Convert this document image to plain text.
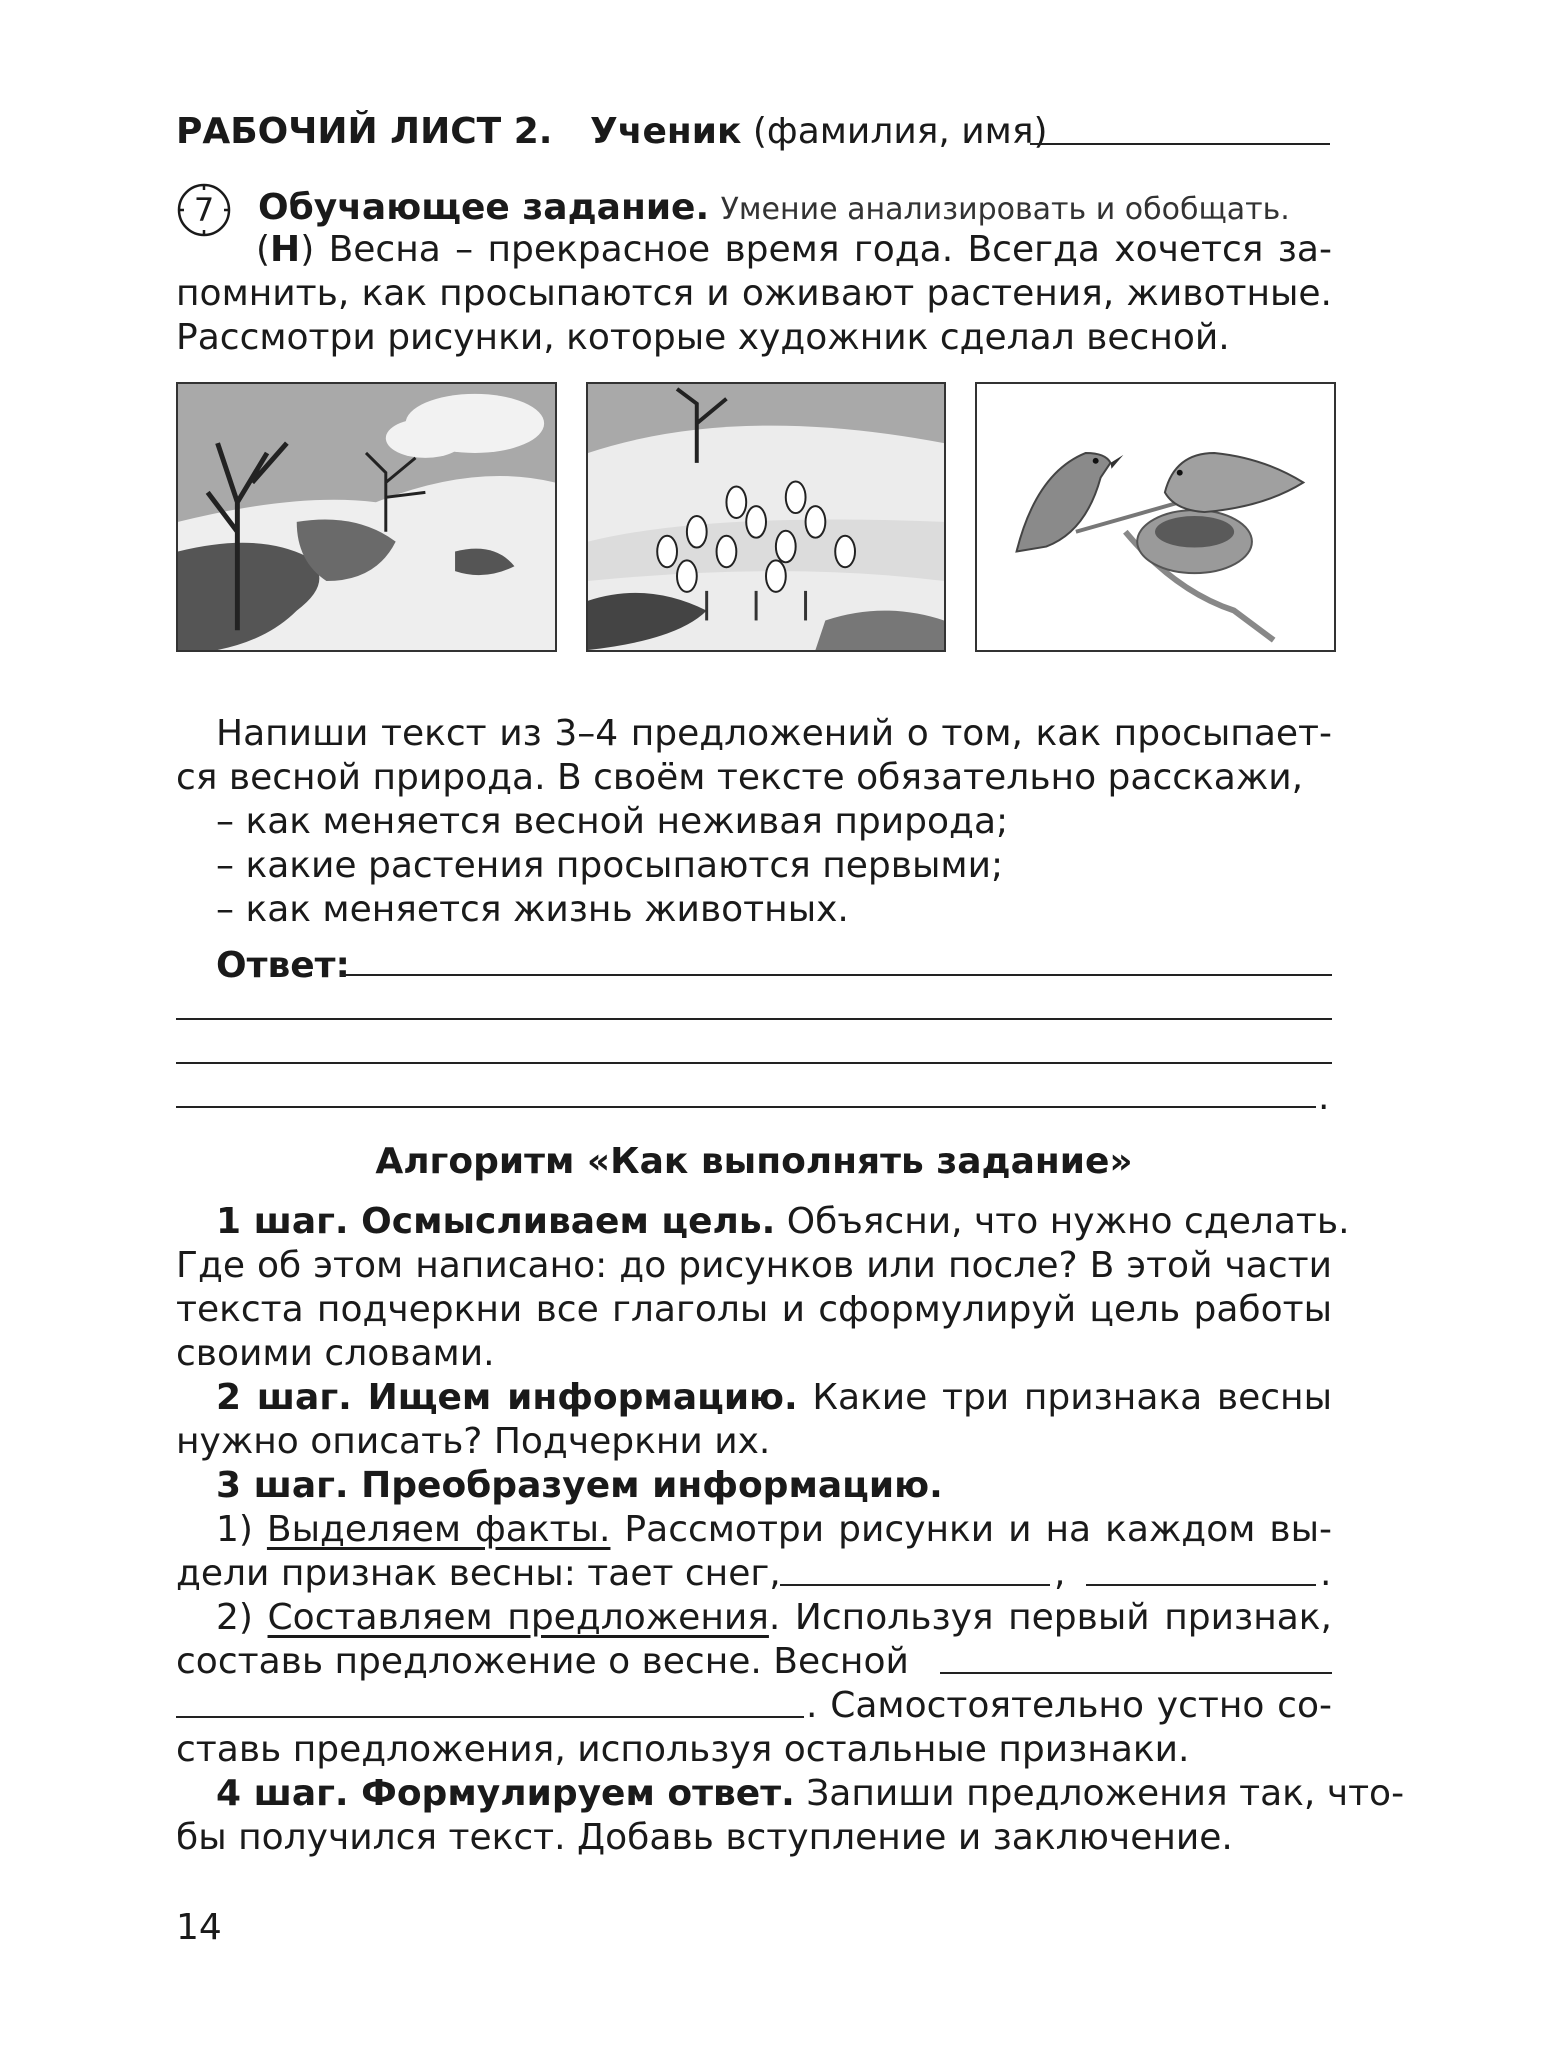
РАБОЧИЙ ЛИСТ 2. Ученик (фамилия, имя)
7	Обучающее задание. Умение анализировать и обобщать.
(Н) Весна – прекрасное время года. Всегда хочется за-
помнить, как просыпаются и оживают растения, животные.
Рассмотри рисунки, которые художник сделал весной.
Напиши текст из 3–4 предложений о том, как просыпает-
ся весной природа. В своём тексте обязательно расскажи,
– как меняется весной неживая природа;
– какие растения просыпаются первыми;
– как меняется жизнь животных.
Ответ:
.
Алгоритм «Как выполнять задание»
1 шаг. Осмысливаем цель. Объясни, что нужно сделать.
Где об этом написано: до рисунков или после? В этой части
текста подчеркни все глаголы и сформулируй цель работы
своими словами.
2 шаг. Ищем информацию. Какие три признака весны
нужно описать? Подчеркни их.
3 шаг. Преобразуем информацию.
1) Выделяем факты. Рассмотри рисунки и на каждом вы-
дели признак весны: тает снег,	,	.
2) Составляем предложения. Используя первый признак,
составь предложение о весне. Весной
. Самостоятельно устно со-
ставь предложения, используя остальные признаки.
4 шаг. Формулируем ответ. Запиши предложения так, что-
бы получился текст. Добавь вступление и заключение.
14
